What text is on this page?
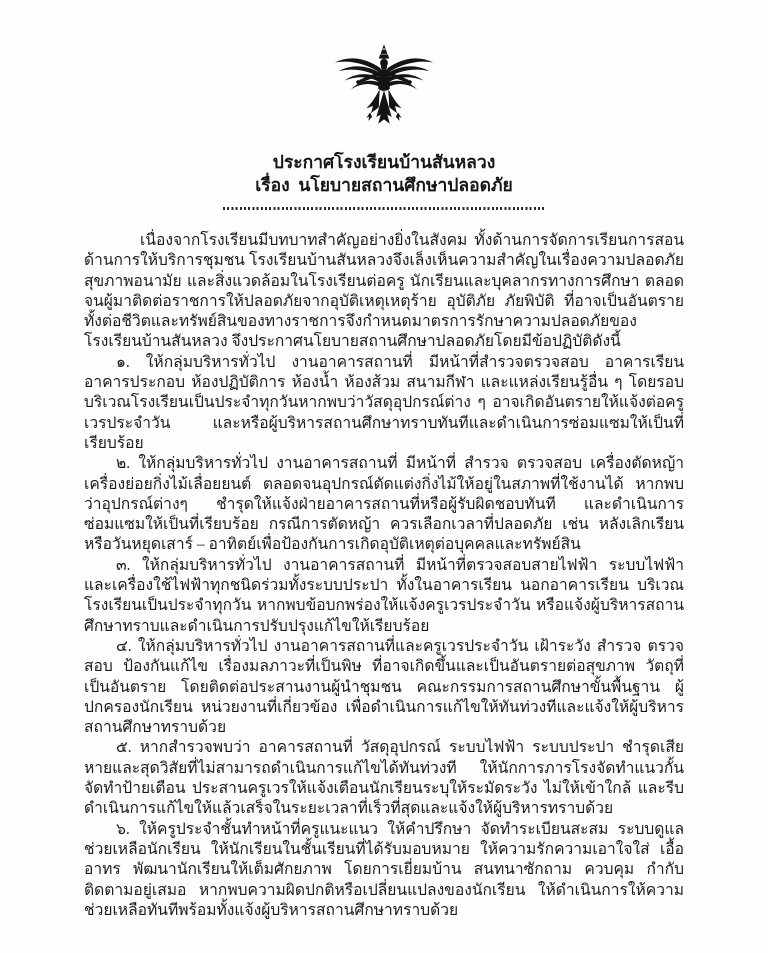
ประกาศโรงเรียนบ้านสันหลวง
เรื่อง  นโยบายสถานศึกษาปลอดภัย

เนื่องจากโรงเรียนมีบทบาทสำคัญอย่างยิ่งในสังคม ทั้งด้านการจัดการเรียนการสอน ด้านการให้บริการชุมชน โรงเรียนบ้านสันหลวงจึงเล็งเห็นความสำคัญในเรื่องความปลอดภัย สุขภาพอนามัย และสิ่งแวดล้อมในโรงเรียนต่อครู นักเรียนและบุคลากรทางการศึกษา ตลอดจนผู้มาติดต่อราชการให้ปลอดภัยจากอุบัติเหตุเหตุร้าย อุบัติภัย ภัยพิบัติ ที่อาจเป็นอันตรายทั้งต่อชีวิตและทรัพย์สินของทางราชการจึงกำหนดมาตรการรักษาความปลอดภัยของโรงเรียนบ้านสันหลวง จึงประกาศนโยบายสถานศึกษาปลอดภัยโดยมีข้อปฏิบัติดังนี้

๑. ให้กลุ่มบริหารทั่วไป งานอาคารสถานที่ มีหน้าที่สำรวจตรวจสอบ อาคารเรียน อาคารประกอบ ห้องปฏิบัติการ ห้องน้ำ ห้องส้วม สนามกีฬา และแหล่งเรียนรู้อื่น ๆ โดยรอบบริเวณโรงเรียนเป็นประจำทุกวันหากพบว่าวัสดุอุปกรณ์ต่าง ๆ อาจเกิดอันตรายให้แจ้งต่อครูเวรประจำวัน และหรือผู้บริหารสถานศึกษาทราบทันทีและดำเนินการซ่อมแซมให้เป็นที่เรียบร้อย

๒. ให้กลุ่มบริหารทั่วไป งานอาคารสถานที่ มีหน้าที่ สำรวจ ตรวจสอบ เครื่องตัดหญ้า เครื่องย่อยกิ่งไม้เลื่อยยนต์ ตลอดจนอุปกรณ์ตัดแต่งกิ่งไม้ให้อยู่ในสภาพที่ใช้งานได้ หากพบว่าอุปกรณ์ต่างๆ ชำรุดให้แจ้งฝ่ายอาคารสถานที่หรือผู้รับผิดชอบทันที และดำเนินการซ่อมแซมให้เป็นที่เรียบร้อย กรณีการตัดหญ้า ควรเลือกเวลาที่ปลอดภัย เช่น หลังเลิกเรียนหรือวันหยุดเสาร์ – อาทิตย์เพื่อป้องกันการเกิดอุบัติเหตุต่อบุคคลและทรัพย์สิน

๓. ให้กลุ่มบริหารทั่วไป งานอาคารสถานที่ มีหน้าที่ตรวจสอบสายไฟฟ้า ระบบไฟฟ้า และเครื่องใช้ไฟฟ้าทุกชนิดร่วมทั้งระบบประปา ทั้งในอาคารเรียน นอกอาคารเรียน บริเวณโรงเรียนเป็นประจำทุกวัน หากพบข้อบกพร่องให้แจ้งครูเวรประจำวัน หรือแจ้งผู้บริหารสถานศึกษาทราบและดำเนินการปรับปรุงแก้ไขให้เรียบร้อย

๔. ให้กลุ่มบริหารทั่วไป งานอาคารสถานที่และครูเวรประจำวัน เฝ้าระวัง สำรวจ ตรวจสอบ ป้องกันแก้ไข เรื่องมลภาวะที่เป็นพิษ ที่อาจเกิดขึ้นและเป็นอันตรายต่อสุขภาพ วัตถุที่เป็นอันตราย โดยติดต่อประสานงานผู้นำชุมชน คณะกรรมการสถานศึกษาขั้นพื้นฐาน ผู้ปกครองนักเรียน หน่วยงานที่เกี่ยวข้อง เพื่อดำเนินการแก้ไขให้ทันท่วงทีและแจ้งให้ผู้บริหารสถานศึกษาทราบด้วย

๕. หากสำรวจพบว่า อาคารสถานที่ วัสดุอุปกรณ์ ระบบไฟฟ้า ระบบประปา ชำรุดเสียหายและสุดวิสัยที่ไม่สามารถดำเนินการแก้ไขได้ทันท่วงที ให้นักการภารโรงจัดทำแนวกั้น จัดทำป้ายเตือน ประสานครูเวรให้แจ้งเตือนนักเรียนระบุให้ระมัดระวัง ไม่ให้เข้าใกล้ และรีบดำเนินการแก้ไขให้แล้วเสร็จในระยะเวลาที่เร็วที่สุดและแจ้งให้ผู้บริหารทราบด้วย

๖. ให้ครูประจำชั้นทำหน้าที่ครูแนะแนว ให้คำปรึกษา จัดทำระเบียนสะสม ระบบดูแลช่วยเหลือนักเรียน ให้นักเรียนในชั้นเรียนที่ได้รับมอบหมาย ให้ความรักความเอาใจใส่ เอื้ออาทร พัฒนานักเรียนให้เต็มศักยภาพ โดยการเยี่ยมบ้าน สนทนาซักถาม ควบคุม กำกับ ติดตามอยู่เสมอ หากพบความผิดปกติหรือเปลี่ยนแปลงของนักเรียน ให้ดำเนินการให้ความช่วยเหลือทันทีพร้อมทั้งแจ้งผู้บริหารสถานศึกษาทราบด้วย
